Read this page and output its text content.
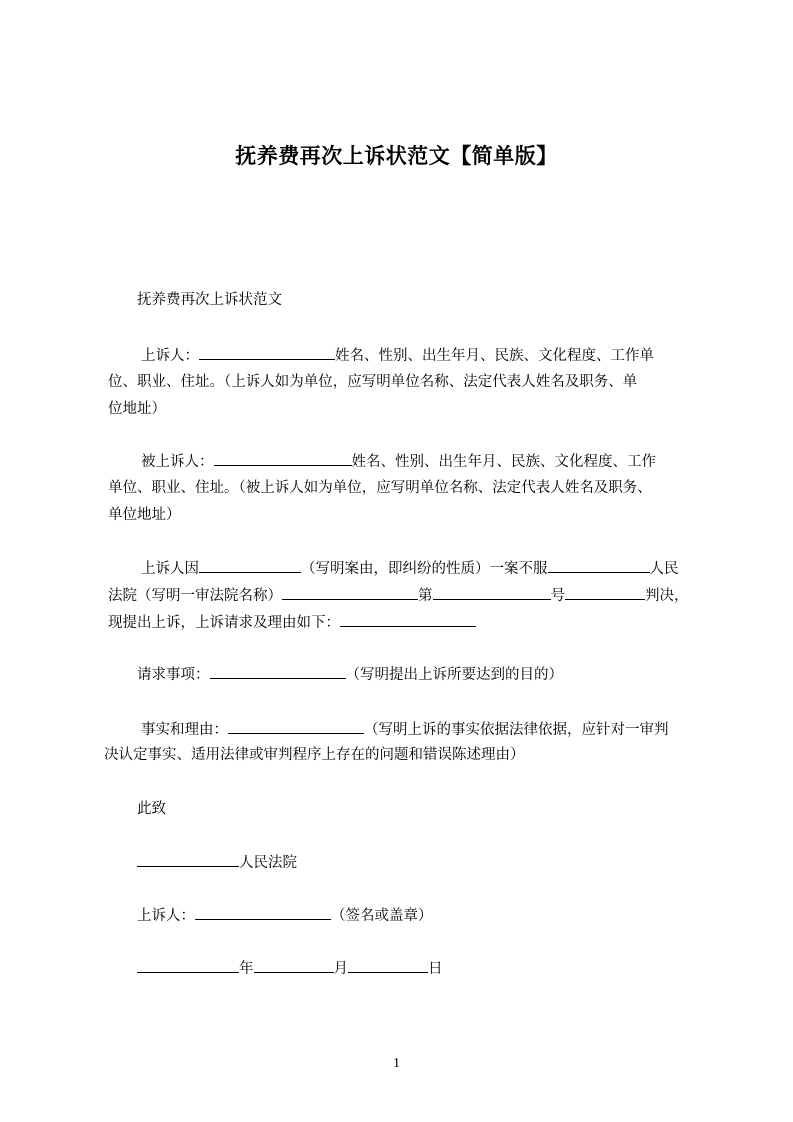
抚养费再次上诉状范文【简单版】
抚养费再次上诉状范文
上诉人：	姓名、性别、出生年月、民族、文化程度、工作单
位、职业、住址。（上诉人如为单位，应写明单位名称、法定代表人姓名及职务、单
位地址）
被上诉人：	姓名、性别、出生年月、民族、文化程度、工作
单位、职业、住址。（被上诉人如为单位，应写明单位名称、法定代表人姓名及职务、
单位地址）
上诉人因	（写明案由，即纠纷的性质）一案不服	人民
法院（写明一审法院名称）	第	号	判决，
现提出上诉，上诉请求及理由如下：
请求事项：	（写明提出上诉所要达到的目的）
事实和理由：	（写明上诉的事实依据法律依据，应针对一审判
决认定事实、适用法律或审判程序上存在的问题和错误陈述理由）
此致
人民法院
上诉人：	（签名或盖章）
年	月	日
1
